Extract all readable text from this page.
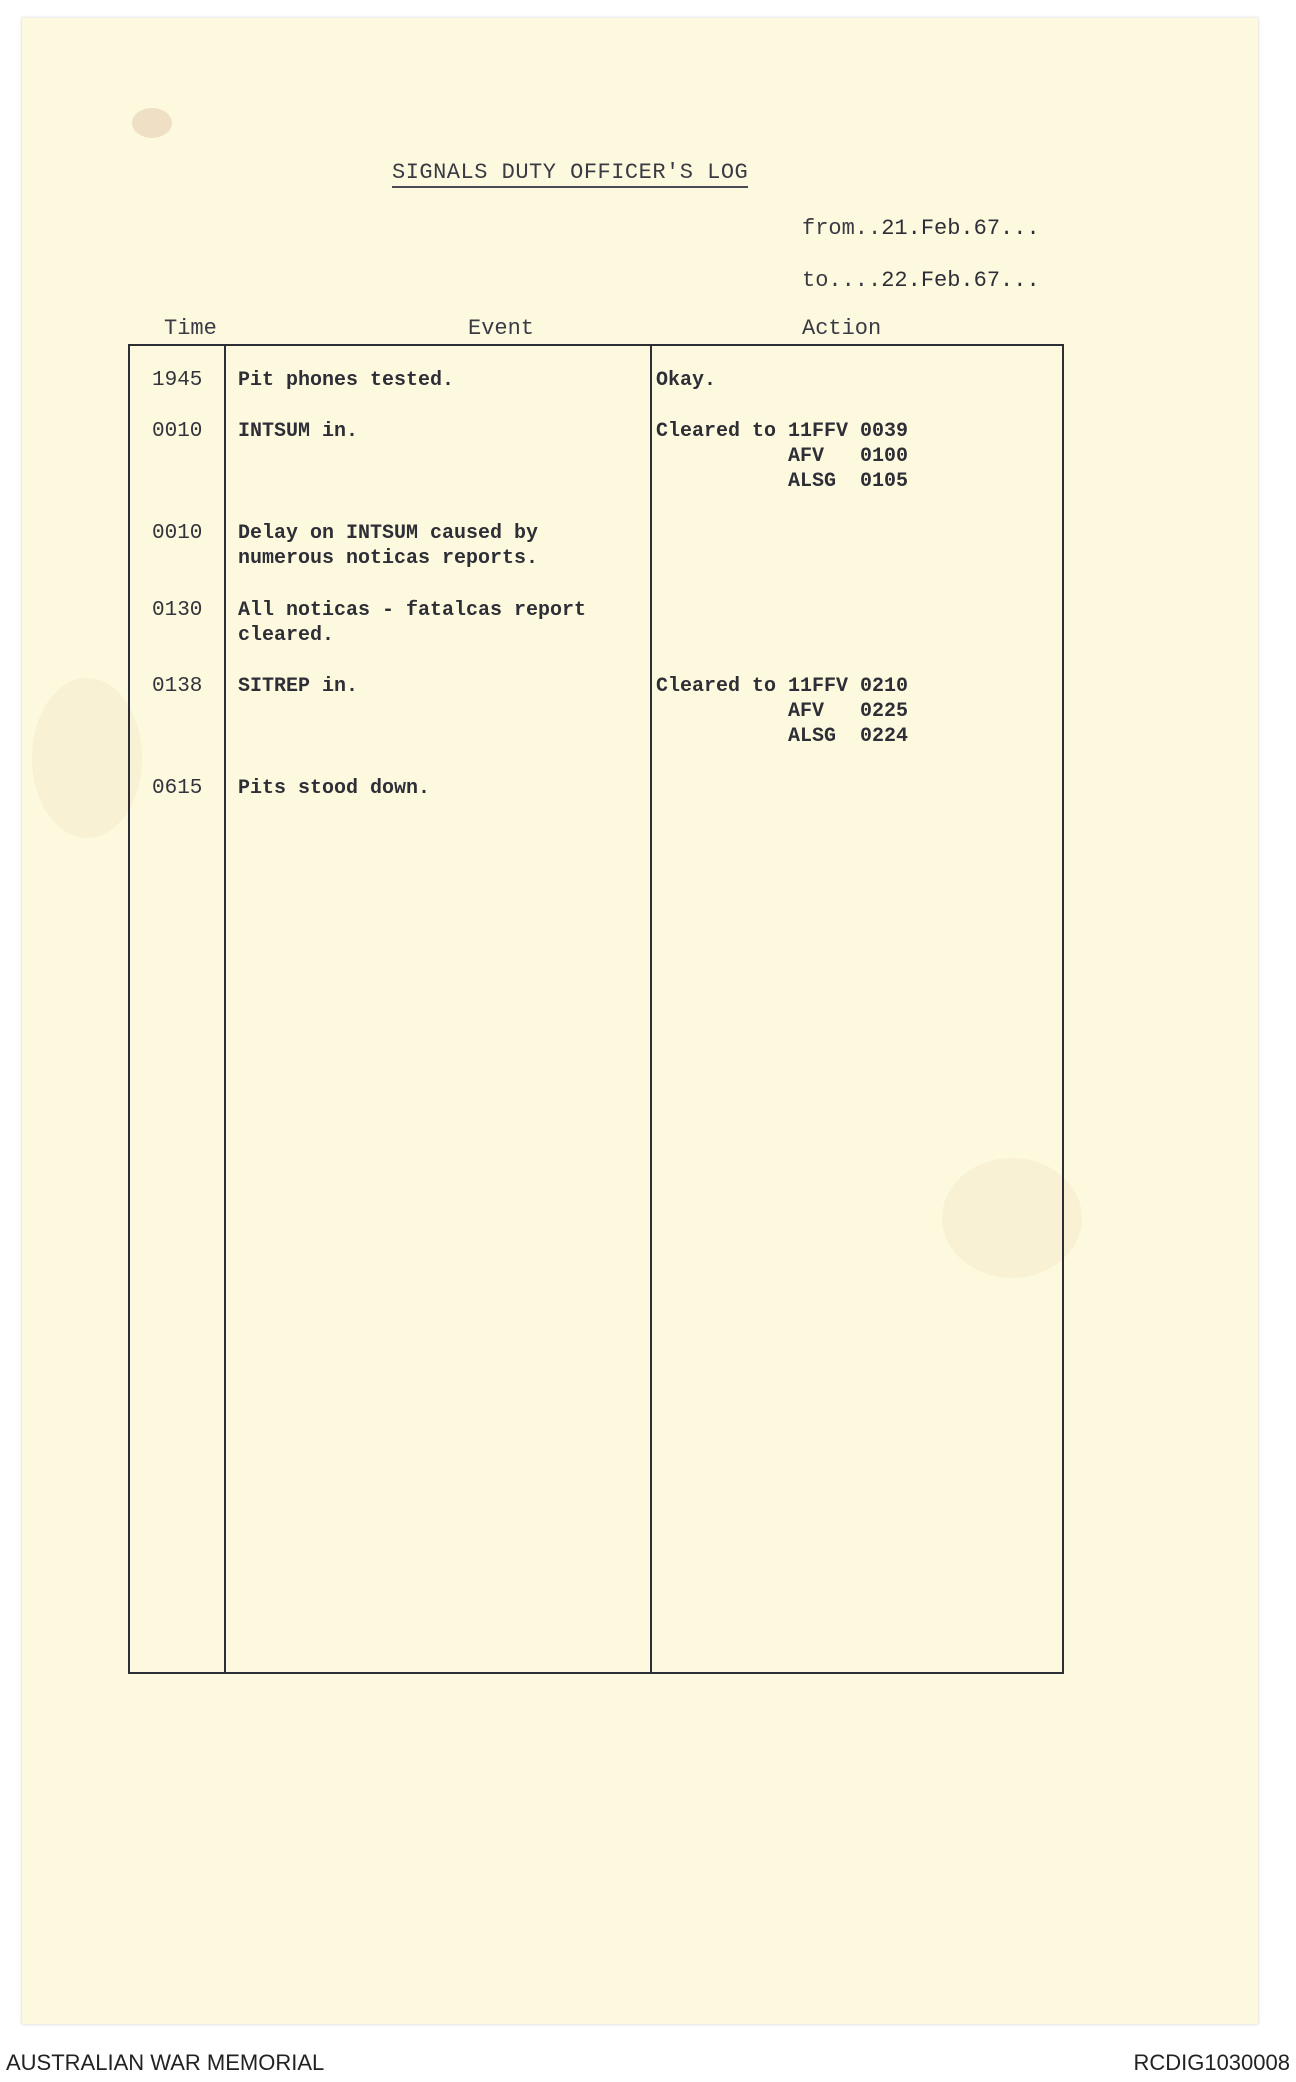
SIGNALS DUTY OFFICER'S LOG
from..21.Feb.67...
to....22.Feb.67...
Time	Event	Action
1945 Pit phones tested.	Okay.
0010 INTSUM in.	Cleared to 11FFV 0039
AFV   0100
ALSG  0105
0010 Delay on INTSUM caused by
numerous noticas reports.
0130 All noticas - fatalcas report
cleared.
0138 SITREP in.	Cleared to 11FFV 0210
AFV   0225
ALSG  0224
0615 Pits stood down.
AUSTRALIAN WAR MEMORIAL	RCDIG1030008
